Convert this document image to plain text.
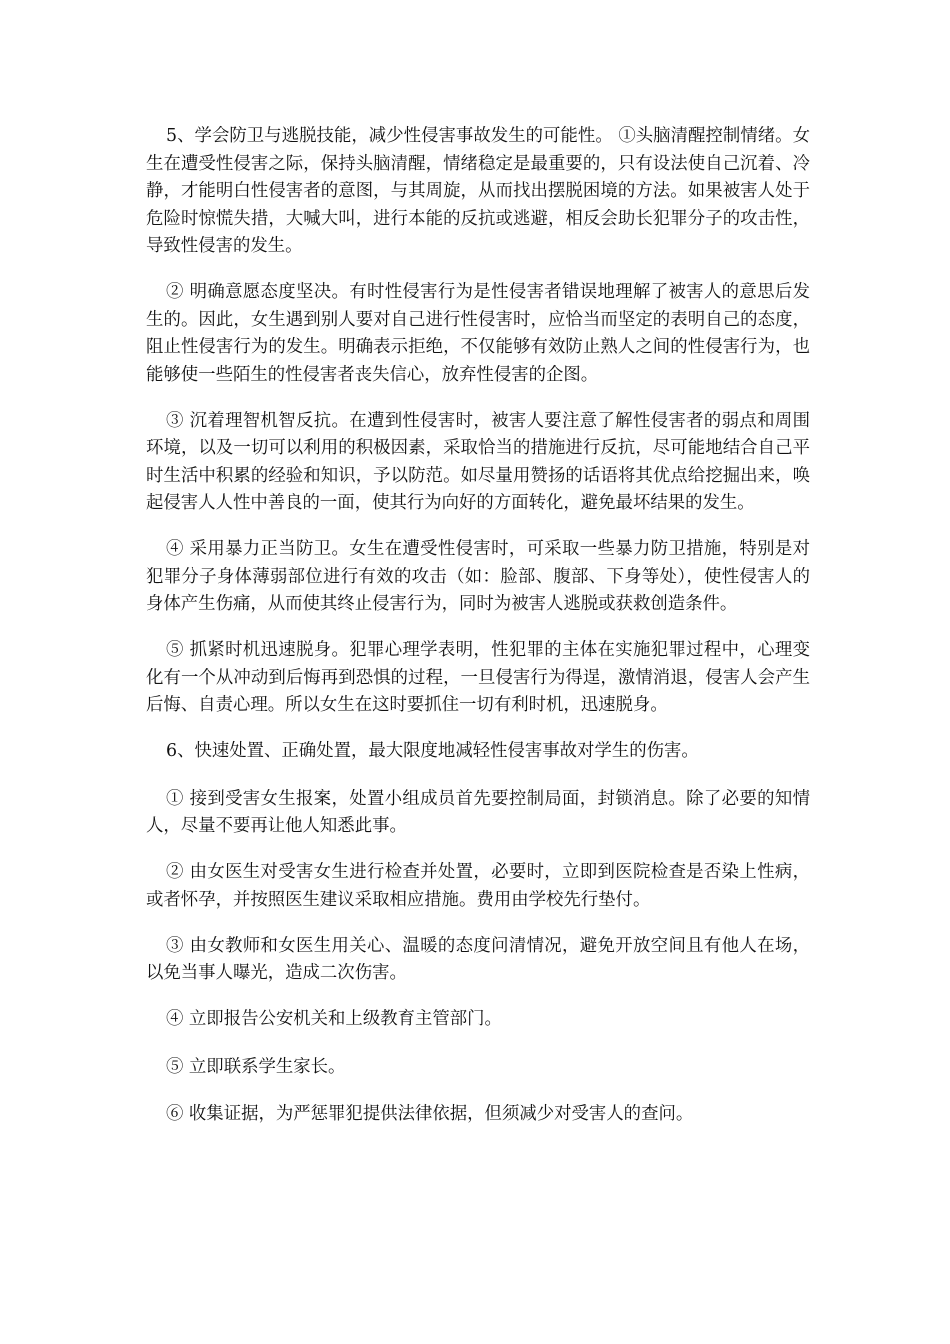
5、学会防卫与逃脱技能，减少性侵害事故发生的可能性。 ①头脑清醒控制情绪。女生在遭受性侵害之际，保持头脑清醒，情绪稳定是最重要的，只有设法使自己沉着、冷静，才能明白性侵害者的意图，与其周旋，从而找出摆脱困境的方法。如果被害人处于危险时惊慌失措，大喊大叫，进行本能的反抗或逃避，相反会助长犯罪分子的攻击性，导致性侵害的发生。

② 明确意愿态度坚决。有时性侵害行为是性侵害者错误地理解了被害人的意思后发生的。因此，女生遇到别人要对自己进行性侵害时，应恰当而坚定的表明自己的态度，阻止性侵害行为的发生。明确表示拒绝，不仅能够有效防止熟人之间的性侵害行为，也能够使一些陌生的性侵害者丧失信心，放弃性侵害的企图。

③ 沉着理智机智反抗。在遭到性侵害时，被害人要注意了解性侵害者的弱点和周围环境，以及一切可以利用的积极因素，采取恰当的措施进行反抗，尽可能地结合自己平时生活中积累的经验和知识，予以防范。如尽量用赞扬的话语将其优点给挖掘出来，唤起侵害人人性中善良的一面，使其行为向好的方面转化，避免最坏结果的发生。

④ 采用暴力正当防卫。女生在遭受性侵害时，可采取一些暴力防卫措施，特别是对犯罪分子身体薄弱部位进行有效的攻击（如：脸部、腹部、下身等处），使性侵害人的身体产生伤痛，从而使其终止侵害行为，同时为被害人逃脱或获救创造条件。

⑤ 抓紧时机迅速脱身。犯罪心理学表明，性犯罪的主体在实施犯罪过程中，心理变化有一个从冲动到后悔再到恐惧的过程，一旦侵害行为得逞，激情消退，侵害人会产生后悔、自责心理。所以女生在这时要抓住一切有利时机，迅速脱身。

6、快速处置、正确处置，最大限度地减轻性侵害事故对学生的伤害。

① 接到受害女生报案，处置小组成员首先要控制局面，封锁消息。除了必要的知情人，尽量不要再让他人知悉此事。

② 由女医生对受害女生进行检查并处置，必要时，立即到医院检查是否染上性病，或者怀孕，并按照医生建议采取相应措施。费用由学校先行垫付。

③ 由女教师和女医生用关心、温暖的态度问清情况，避免开放空间且有他人在场，以免当事人曝光，造成二次伤害。

④ 立即报告公安机关和上级教育主管部门。

⑤ 立即联系学生家长。

⑥ 收集证据，为严惩罪犯提供法律依据，但须减少对受害人的查问。
